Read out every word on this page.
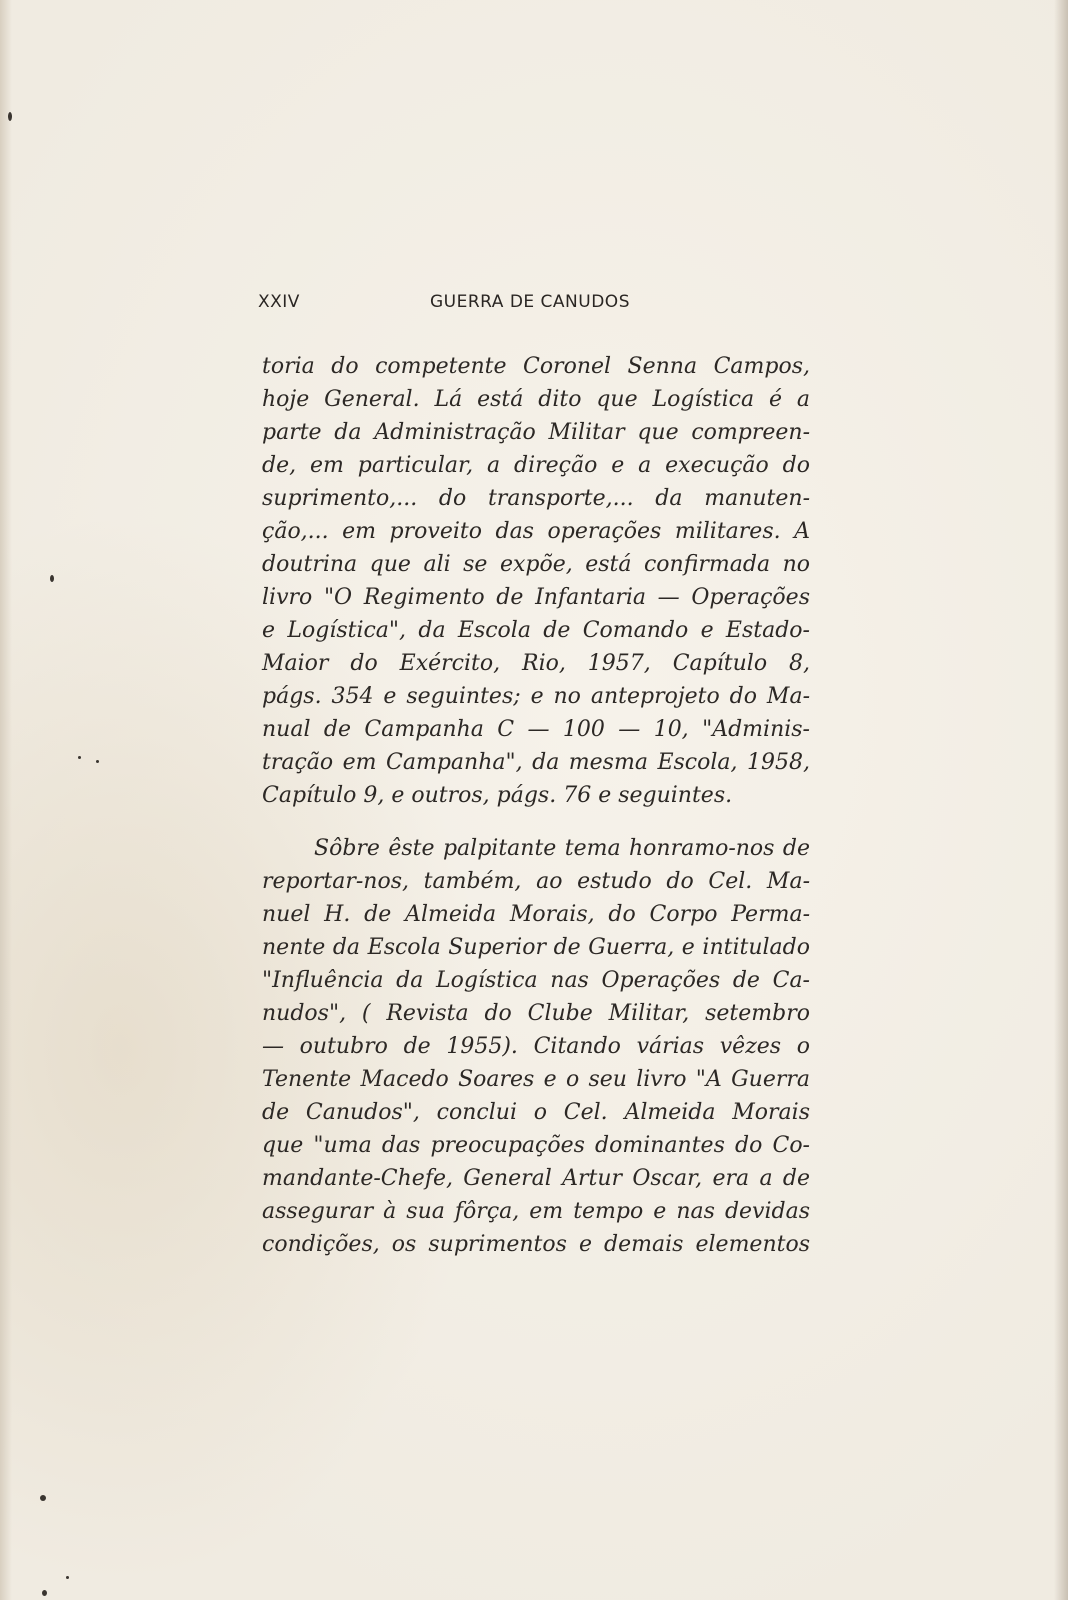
XXIV	GUERRA DE CANUDOS
toria do competente Coronel Senna Campos,
hoje General. Lá está dito que Logística é a
parte da Administração Militar que compreen-
de, em particular, a direção e a execução do
suprimento,... do transporte,... da manuten-
ção,... em proveito das operações militares. A
doutrina que ali se expõe, está confirmada no
livro "O Regimento de Infantaria — Operações
e Logística", da Escola de Comando e Estado-
Maior do Exército, Rio, 1957, Capítulo 8,
págs. 354 e seguintes; e no anteprojeto do Ma-
nual de Campanha C — 100 — 10, "Adminis-
tração em Campanha", da mesma Escola, 1958,
Capítulo 9, e outros, págs. 76 e seguintes.
Sôbre êste palpitante tema honramo-nos de
reportar-nos, também, ao estudo do Cel. Ma-
nuel H. de Almeida Morais, do Corpo Perma-
nente da Escola Superior de Guerra, e intitulado
"Influência da Logística nas Operações de Ca-
nudos", ( Revista do Clube Militar, setembro
— outubro de 1955). Citando várias vêzes o
Tenente Macedo Soares e o seu livro "A Guerra
de Canudos", conclui o Cel. Almeida Morais
que "uma das preocupações dominantes do Co-
mandante-Chefe, General Artur Oscar, era a de
assegurar à sua fôrça, em tempo e nas devidas
condições, os suprimentos e demais elementos
